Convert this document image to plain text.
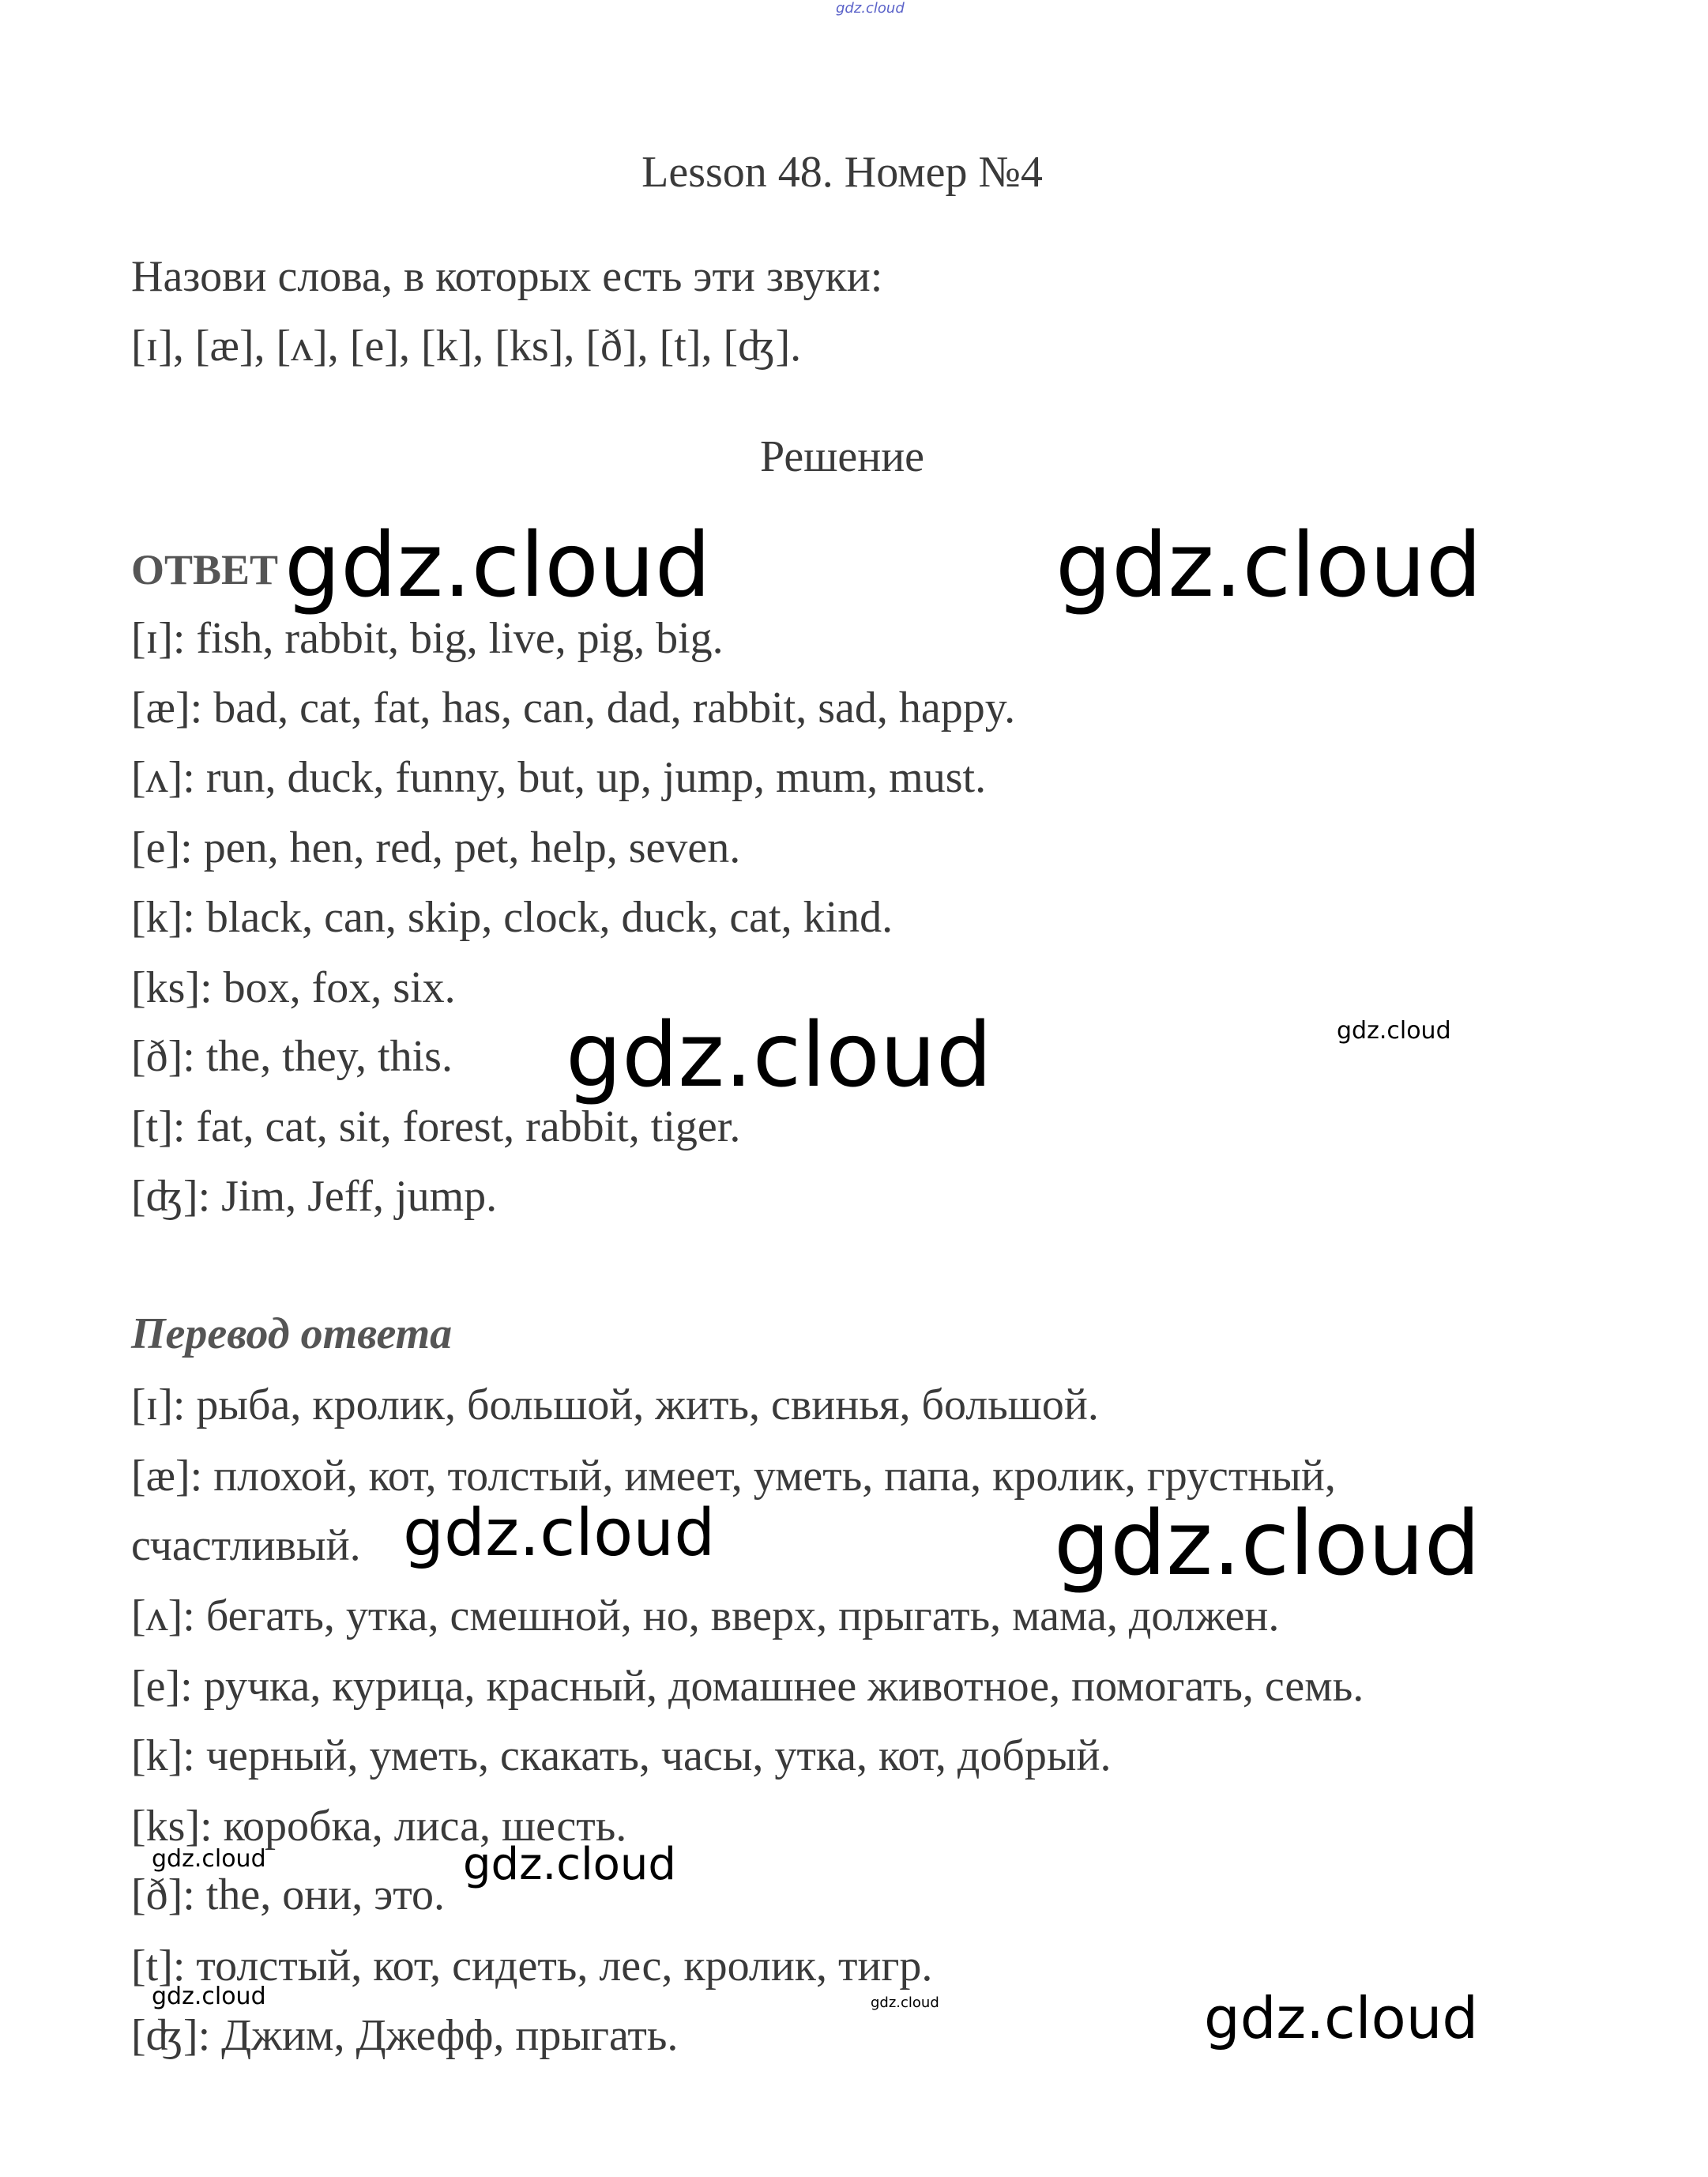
gdz.cloud
Lesson 48. Номер №4
Назови слова, в которых есть эти звуки:
[ɪ], [æ], [ʌ], [e], [k], [ks], [ð], [t], [ʤ].
Решение
ОТВЕТ
[ɪ]: fish, rabbit, big, live, pig, big.
[æ]: bad, cat, fat, has, can, dad, rabbit, sad, happy.
[ʌ]: run, duck, funny, but, up, jump, mum, must.
[e]: pen, hen, red, pet, help, seven.
[k]: black, can, skip, clock, duck, cat, kind.
[ks]: box, fox, six.
[ð]: the, they, this.
[t]: fat, cat, sit, forest, rabbit, tiger.
[ʤ]: Jim, Jeff, jump.
Перевод ответа
[ɪ]: рыба, кролик, большой, жить, свинья, большой.
[æ]: плохой, кот, толстый, имеет, уметь, папа, кролик, грустный,
счастливый.
[ʌ]: бегать, утка, смешной, но, вверх, прыгать, мама, должен.
[e]: ручка, курица, красный, домашнее животное, помогать, семь.
[k]: черный, уметь, скакать, часы, утка, кот, добрый.
[ks]: коробка, лиса, шесть.
[ð]: the, они, это.
[t]: толстый, кот, сидеть, лес, кролик, тигр.
[ʤ]: Джим, Джефф, прыгать.
gdz.cloud	gdz.cloud
gdz.cloud	gdz.cloud
gdz.cloud	gdz.cloud
gdz.cloud	gdz.cloud
gdz.cloud	gdz.cloud	gdz.cloud
